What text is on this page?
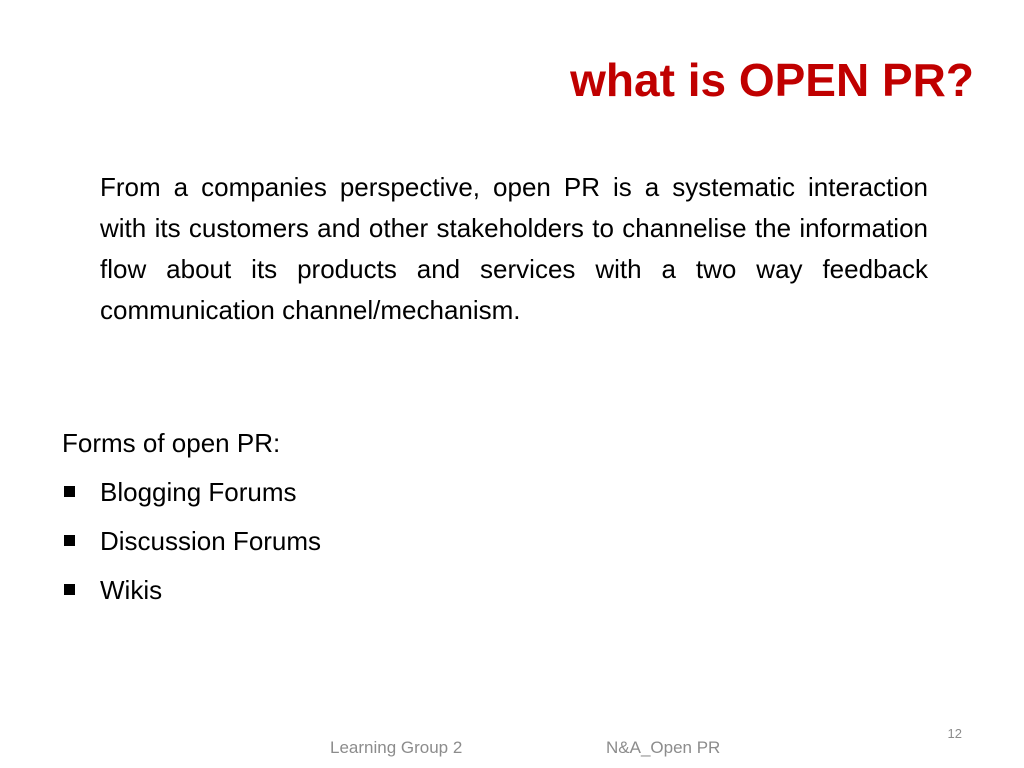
what is OPEN PR?

From a companies perspective, open PR is a systematic interaction with its customers and other stakeholders to channelise the information flow about its products and services with a two way feedback communication channel/mechanism.

Forms of open PR:

Blogging Forums
Discussion Forums
Wikis
Learning Group 2	N&A_Open PR
12
